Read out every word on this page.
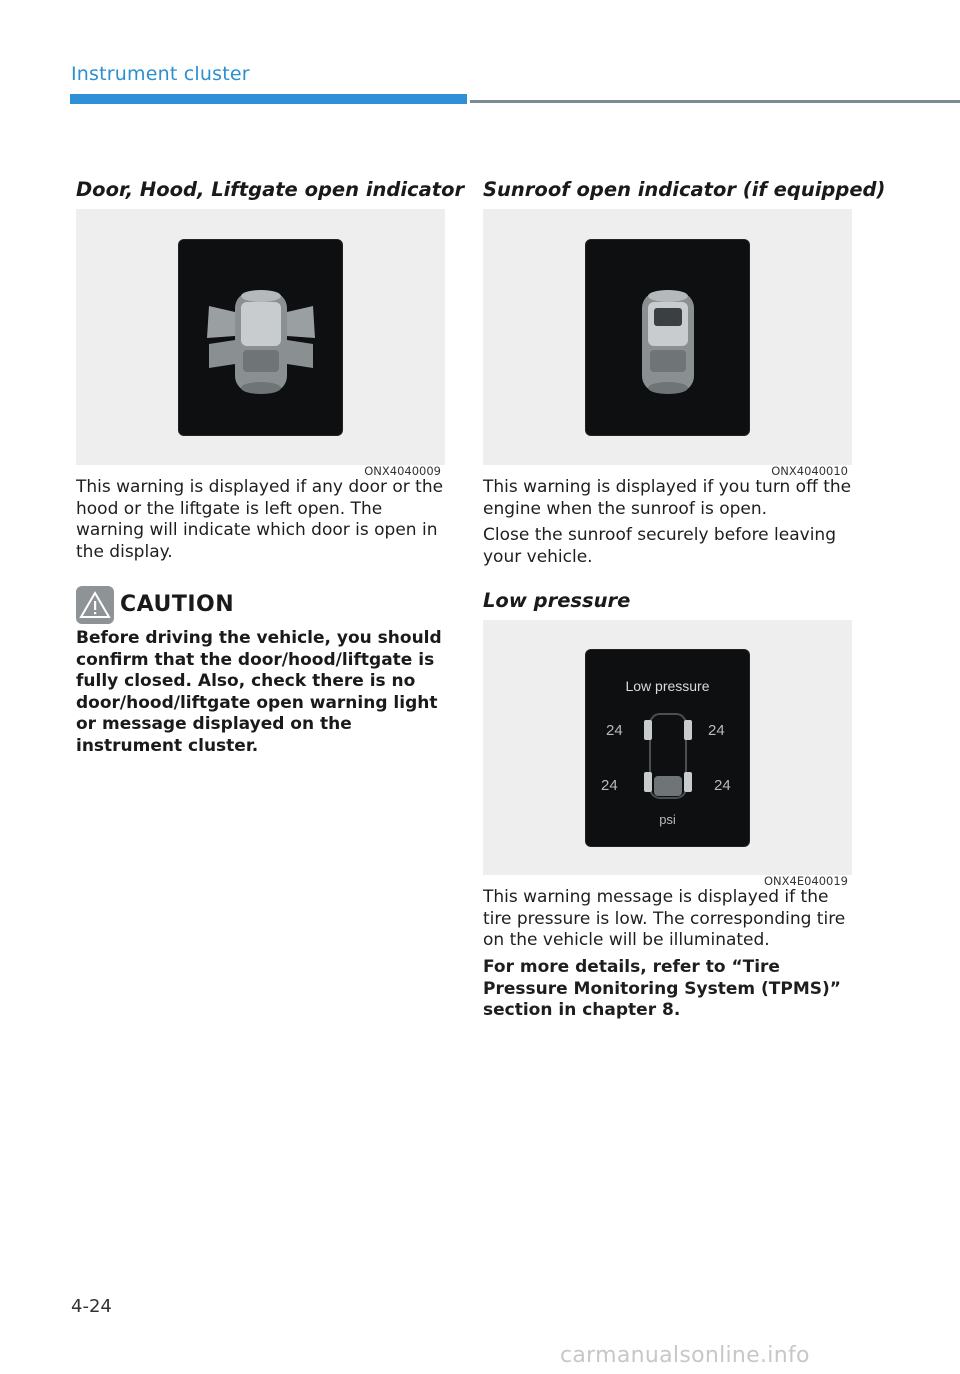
Instrument cluster
Door, Hood, Liftgate open indicator
ONX4040009
This warning is displayed if any door or the hood or the liftgate is left open. The warning will indicate which door is open in the display.
CAUTION
Before driving the vehicle, you should confirm that the door/hood/liftgate is fully closed. Also, check there is no door/hood/liftgate open warning light or message displayed on the instrument cluster.
Sunroof open indicator (if equipped)
ONX4040010
This warning is displayed if you turn off the engine when the sunroof is open.
Close the sunroof securely before leaving your vehicle.
Low pressure
Low pressure
24	24
24	24
psi
ONX4E040019
This warning message is displayed if the tire pressure is low. The corresponding tire on the vehicle will be illuminated.
For more details, refer to “Tire Pressure Monitoring System (TPMS)” section in chapter 8.
4-24
carmanualsonline.info
